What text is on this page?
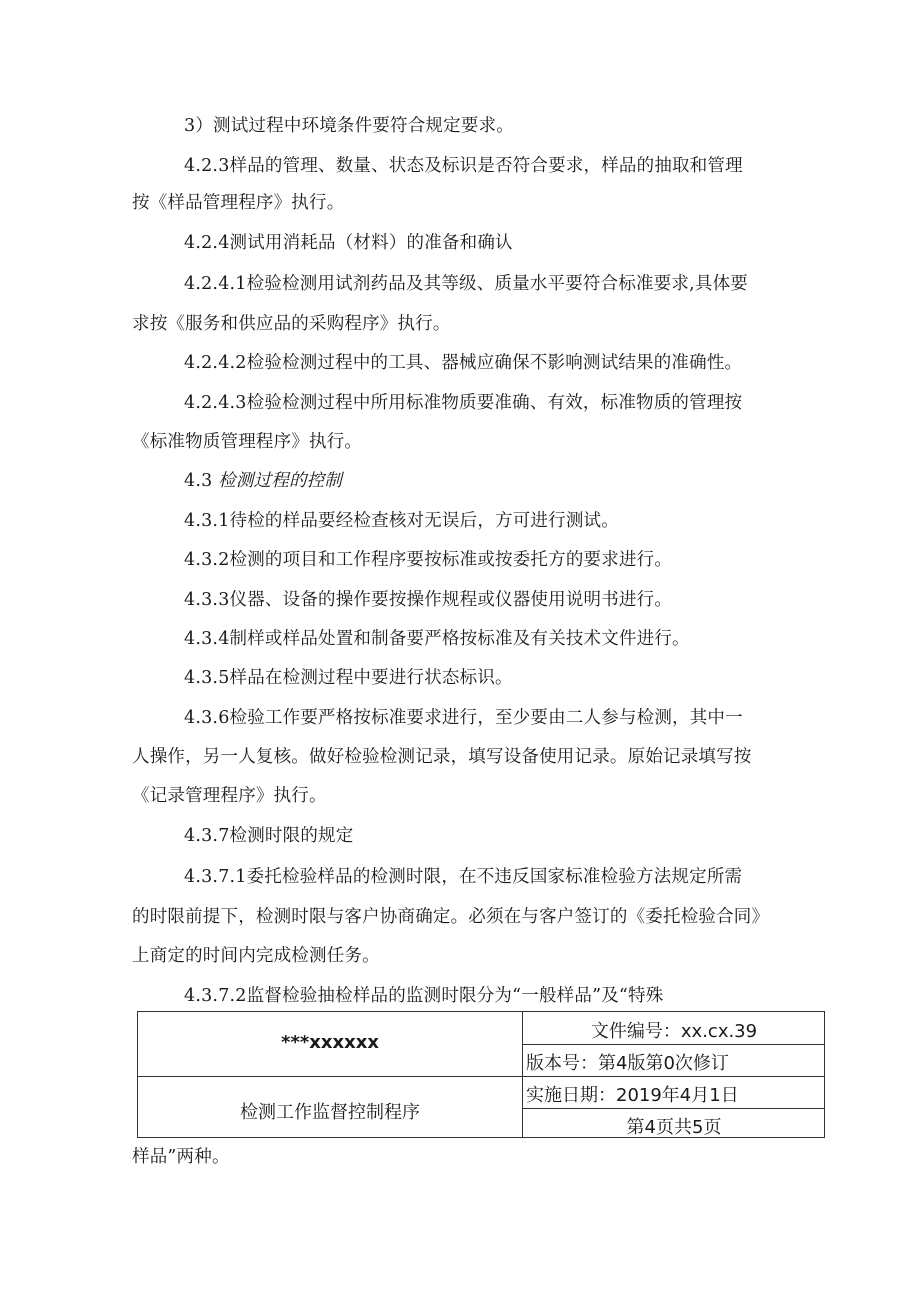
3）测试过程中环境条件要符合规定要求。
4.2.3样品的管理、数量、状态及标识是否符合要求，样品的抽取和管理
按《样品管理程序》执行。
4.2.4测试用消耗品（材料）的准备和确认
4.2.4.1检验检测用试剂药品及其等级、质量水平要符合标准要求,具体要
求按《服务和供应品的采购程序》执行。
4.2.4.2检验检测过程中的工具、器械应确保不影响测试结果的准确性。
4.2.4.3检验检测过程中所用标准物质要准确、有效，标准物质的管理按
《标准物质管理程序》执行。
4.3 检测过程的控制
4.3.1待检的样品要经检查核对无误后，方可进行测试。
4.3.2检测的项目和工作程序要按标准或按委托方的要求进行。
4.3.3仪器、设备的操作要按操作规程或仪器使用说明书进行。
4.3.4制样或样品处置和制备要严格按标准及有关技术文件进行。
4.3.5样品在检测过程中要进行状态标识。
4.3.6检验工作要严格按标准要求进行，至少要由二人参与检测，其中一
人操作，另一人复核。做好检验检测记录，填写设备使用记录。原始记录填写按
《记录管理程序》执行。
4.3.7检测时限的规定
4.3.7.1委托检验样品的检测时限，在不违反国家标准检验方法规定所需
的时限前提下，检测时限与客户协商确定。必须在与客户签订的《委托检验合同》
上商定的时间内完成检测任务。
4.3.7.2监督检验抽检样品的监测时限分为“一般样品”及“特殊
样品”两种。
***xxxxxx
检测工作监督控制程序
文件编号：xx.cx.39
版本号：第4版第0次修订
实施日期：2019年4月1日
第4页共5页
